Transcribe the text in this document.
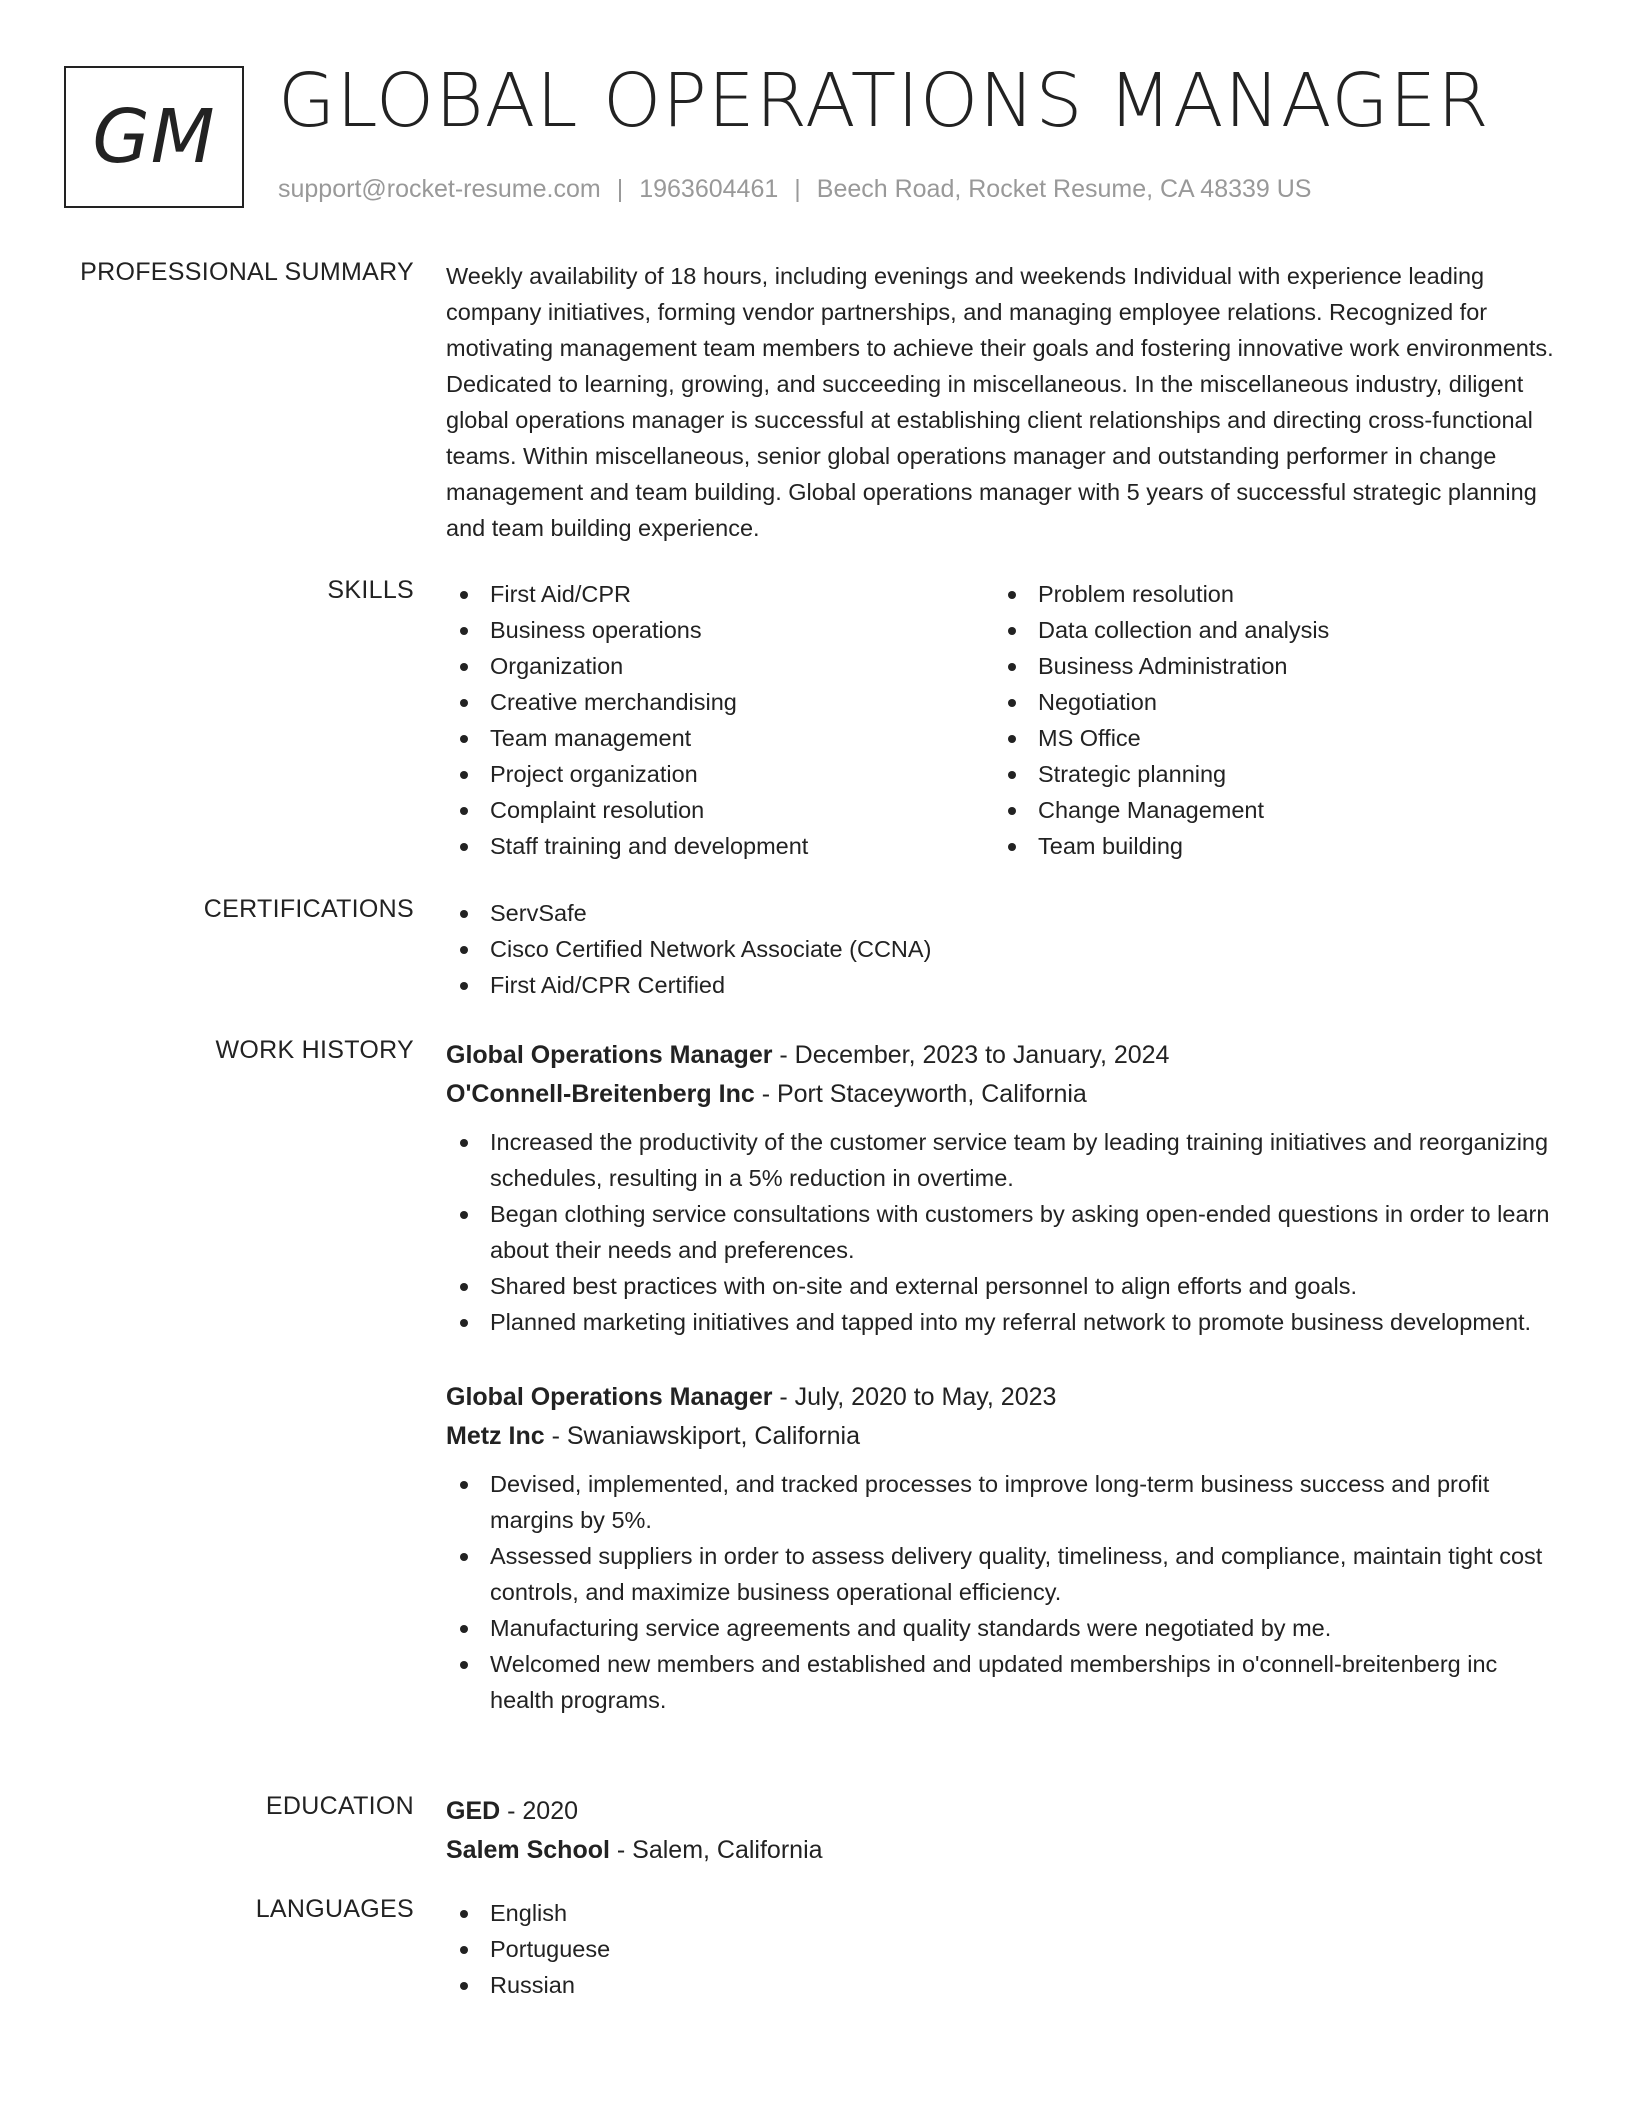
GM GLOBAL OPERATIONS MANAGER
support@rocket-resume.com | 1963604461 | Beech Road, Rocket Resume, CA 48339 US
PROFESSIONAL SUMMARY Weekly availability of 18 hours, including evenings and weekends Individual with experience leading company initiatives, forming vendor partnerships, and managing employee relations. Recognized for motivating management team members to achieve their goals and fostering innovative work environments. Dedicated to learning, growing, and succeeding in miscellaneous. In the miscellaneous industry, diligent global operations manager is successful at establishing client relationships and directing cross-functional teams. Within miscellaneous, senior global operations manager and outstanding performer in change management and team building. Global operations manager with 5 years of successful strategic planning and team building experience.
SKILLS	First Aid/CPR
Business operations
Organization
Creative merchandising
Team management
Project organization
Complaint resolution
Staff training and development
Problem resolution
Data collection and analysis
Business Administration
Negotiation
MS Office
Strategic planning
Change Management
Team building
CERTIFICATIONS	ServSafe
Cisco Certified Network Associate (CCNA)
First Aid/CPR Certified
WORK HISTORY Global Operations Manager - December, 2023 to January, 2024
O'Connell-Breitenberg Inc - Port Staceyworth, California
Increased the productivity of the customer service team by leading training initiatives and reorganizing schedules, resulting in a 5% reduction in overtime.
Began clothing service consultations with customers by asking open-ended questions in order to learn about their needs and preferences.
Shared best practices with on-site and external personnel to align efforts and goals.
Planned marketing initiatives and tapped into my referral network to promote business development.
Global Operations Manager - July, 2020 to May, 2023
Metz Inc - Swaniawskiport, California
Devised, implemented, and tracked processes to improve long-term business success and profit margins by 5%.
Assessed suppliers in order to assess delivery quality, timeliness, and compliance, maintain tight cost controls, and maximize business operational efficiency.
Manufacturing service agreements and quality standards were negotiated by me.
Welcomed new members and established and updated memberships in o'connell-breitenberg inc health programs.
EDUCATION GED - 2020
Salem School - Salem, California
LANGUAGES	English
Portuguese
Russian
